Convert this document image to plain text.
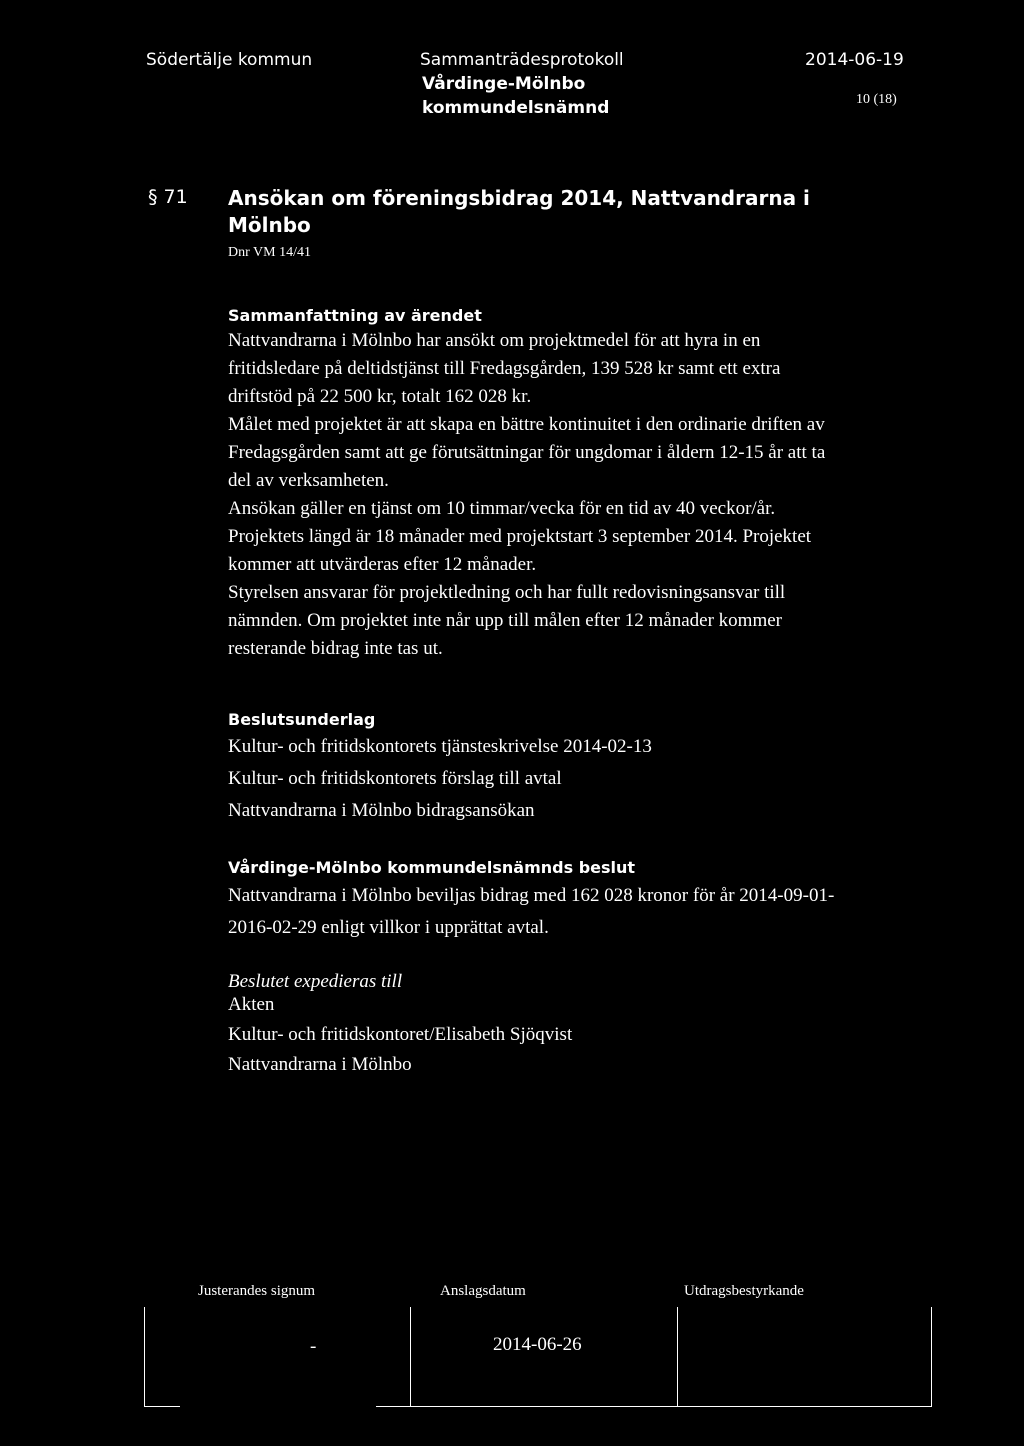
Södertälje kommun	Sammanträdesprotokoll	2014-06-19
Vårdinge-Mölnbo
kommundelsnämnd	10 (18)
§ 71 Ansökan om föreningsbidrag 2014, Nattvandrarna i
Mölnbo
Dnr VM 14/41
Sammanfattning av ärendet
Nattvandrarna i Mölnbo har ansökt om projektmedel för att hyra in en
fritidsledare på deltidstjänst till Fredagsgården, 139 528 kr samt ett extra
driftstöd på 22 500 kr, totalt 162 028 kr.
Målet med projektet är att skapa en bättre kontinuitet i den ordinarie driften av
Fredagsgården samt att ge förutsättningar för ungdomar i åldern 12-15 år att ta
del av verksamheten.
Ansökan gäller en tjänst om 10 timmar/vecka för en tid av 40 veckor/år.
Projektets längd är 18 månader med projektstart 3 september 2014. Projektet
kommer att utvärderas efter 12 månader.
Styrelsen ansvarar för projektledning och har fullt redovisningsansvar till
nämnden. Om projektet inte når upp till målen efter 12 månader kommer
resterande bidrag inte tas ut.
Beslutsunderlag
Kultur- och fritidskontorets tjänsteskrivelse 2014-02-13
Kultur- och fritidskontorets förslag till avtal
Nattvandrarna i Mölnbo bidragsansökan
Vårdinge-Mölnbo kommundelsnämnds beslut
Nattvandrarna i Mölnbo beviljas bidrag med 162 028 kronor för år 2014-09-01-
2016-02-29 enligt villkor i upprättat avtal.
Beslutet expedieras till
Akten
Kultur- och fritidskontoret/Elisabeth Sjöqvist
Nattvandrarna i Mölnbo
Justerandes signum	Anslagsdatum	Utdragsbestyrkande
-	2014-06-26
